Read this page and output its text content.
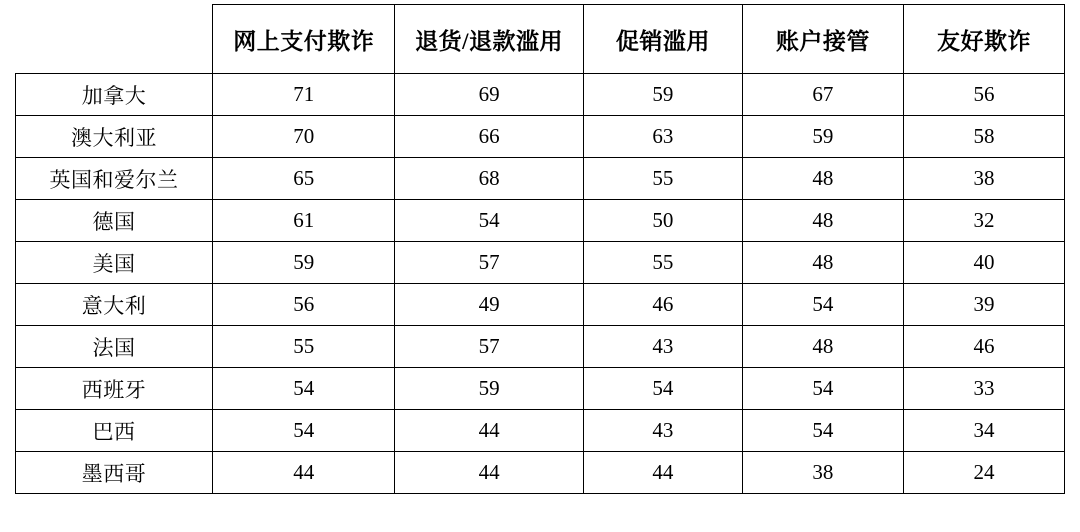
	网上支付欺诈	退货/退款滥用	促销滥用	账户接管	友好欺诈
加拿大	71	69	59	67	56
澳大利亚	70	66	63	59	58
英国和爱尔兰	65	68	55	48	38
德国	61	54	50	48	32
美国	59	57	55	48	40
意大利	56	49	46	54	39
法国	55	57	43	48	46
西班牙	54	59	54	54	33
巴西	54	44	43	54	34
墨西哥	44	44	44	38	24
